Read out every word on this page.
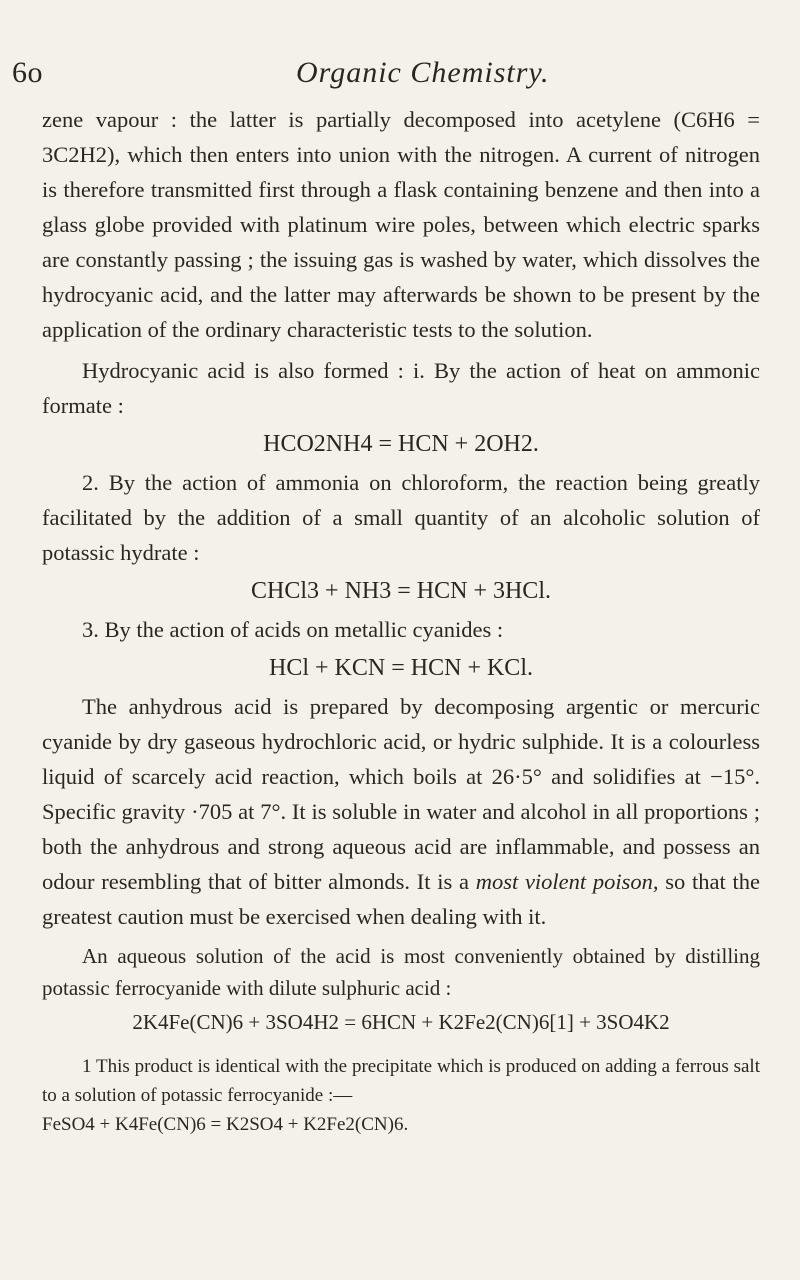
6o	Organic Chemistry.

zene vapour : the latter is partially decomposed into acetylene (C6H6 = 3C2H2), which then enters into union with the nitrogen. A current of nitrogen is therefore transmitted first through a flask containing benzene and then into a glass globe provided with platinum wire poles, between which electric sparks are constantly passing ; the issuing gas is washed by water, which dissolves the hydrocyanic acid, and the latter may afterwards be shown to be present by the application of the ordinary characteristic tests to the solution.

Hydrocyanic acid is also formed : i. By the action of heat on ammonic formate :

HCO2NH4 = HCN + 2OH2.

2. By the action of ammonia on chloroform, the reaction being greatly facilitated by the addition of a small quantity of an alcoholic solution of potassic hydrate :

CHCl3 + NH3 = HCN + 3HCl.

3. By the action of acids on metallic cyanides :

HCl + KCN = HCN + KCl.

The anhydrous acid is prepared by decomposing argentic or mercuric cyanide by dry gaseous hydrochloric acid, or hydric sulphide. It is a colourless liquid of scarcely acid reaction, which boils at 26·5° and solidifies at −15°. Specific gravity ·705 at 7°. It is soluble in water and alcohol in all proportions ; both the anhydrous and strong aqueous acid are inflammable, and possess an odour resembling that of bitter almonds. It is a most violent poison, so that the greatest caution must be exercised when dealing with it.

An aqueous solution of the acid is most conveniently obtained by distilling potassic ferrocyanide with dilute sulphuric acid :

2K4Fe(CN)6 + 3SO4H2 = 6HCN + K2Fe2(CN)6[1] + 3SO4K2

1 This product is identical with the precipitate which is produced on adding a ferrous salt to a solution of potassic ferrocyanide :—

FeSO4 + K4Fe(CN)6 = K2SO4 + K2Fe2(CN)6.
